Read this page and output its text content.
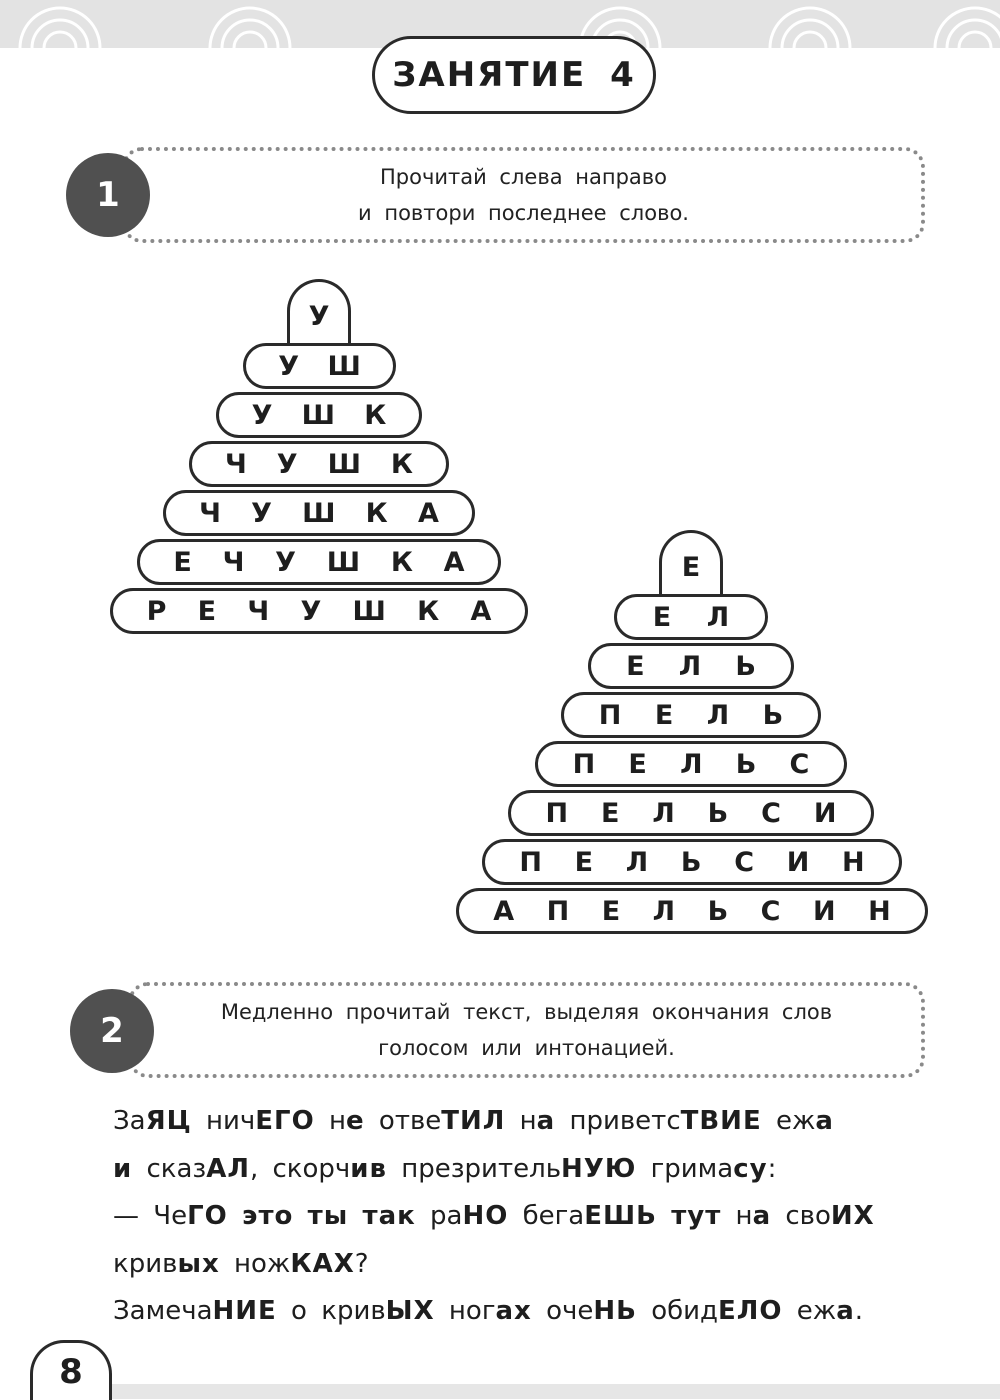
ЗАНЯТИЕ 4
Прочитай слева направо
и повтори последнее слово.
1
У
У Ш
У Ш К
Ч У Ш К
Ч У Ш К А
Е Ч У Ш К А
Р Е Ч У Ш К А
Е
Е Л
Е Л Ь
П Е Л Ь
П Е Л Ь С
П Е Л Ь С И
П Е Л Ь С И Н
А П Е Л Ь С И Н
Медленно прочитай текст, выделяя окончания слов
голосом или интонацией.
2
ЗаЯЦ ничЕГО не отвеТИЛ на приветсТВИЕ ежа
и сказАЛ, скорчив презрительНУЮ гримасу:
— ЧеГО это ты так раНО бегаЕШЬ тут на своИХ
кривых ножКАХ?
ЗамечаНИЕ о кривЫХ ногах очеНЬ обидЕЛО ежа.
8
